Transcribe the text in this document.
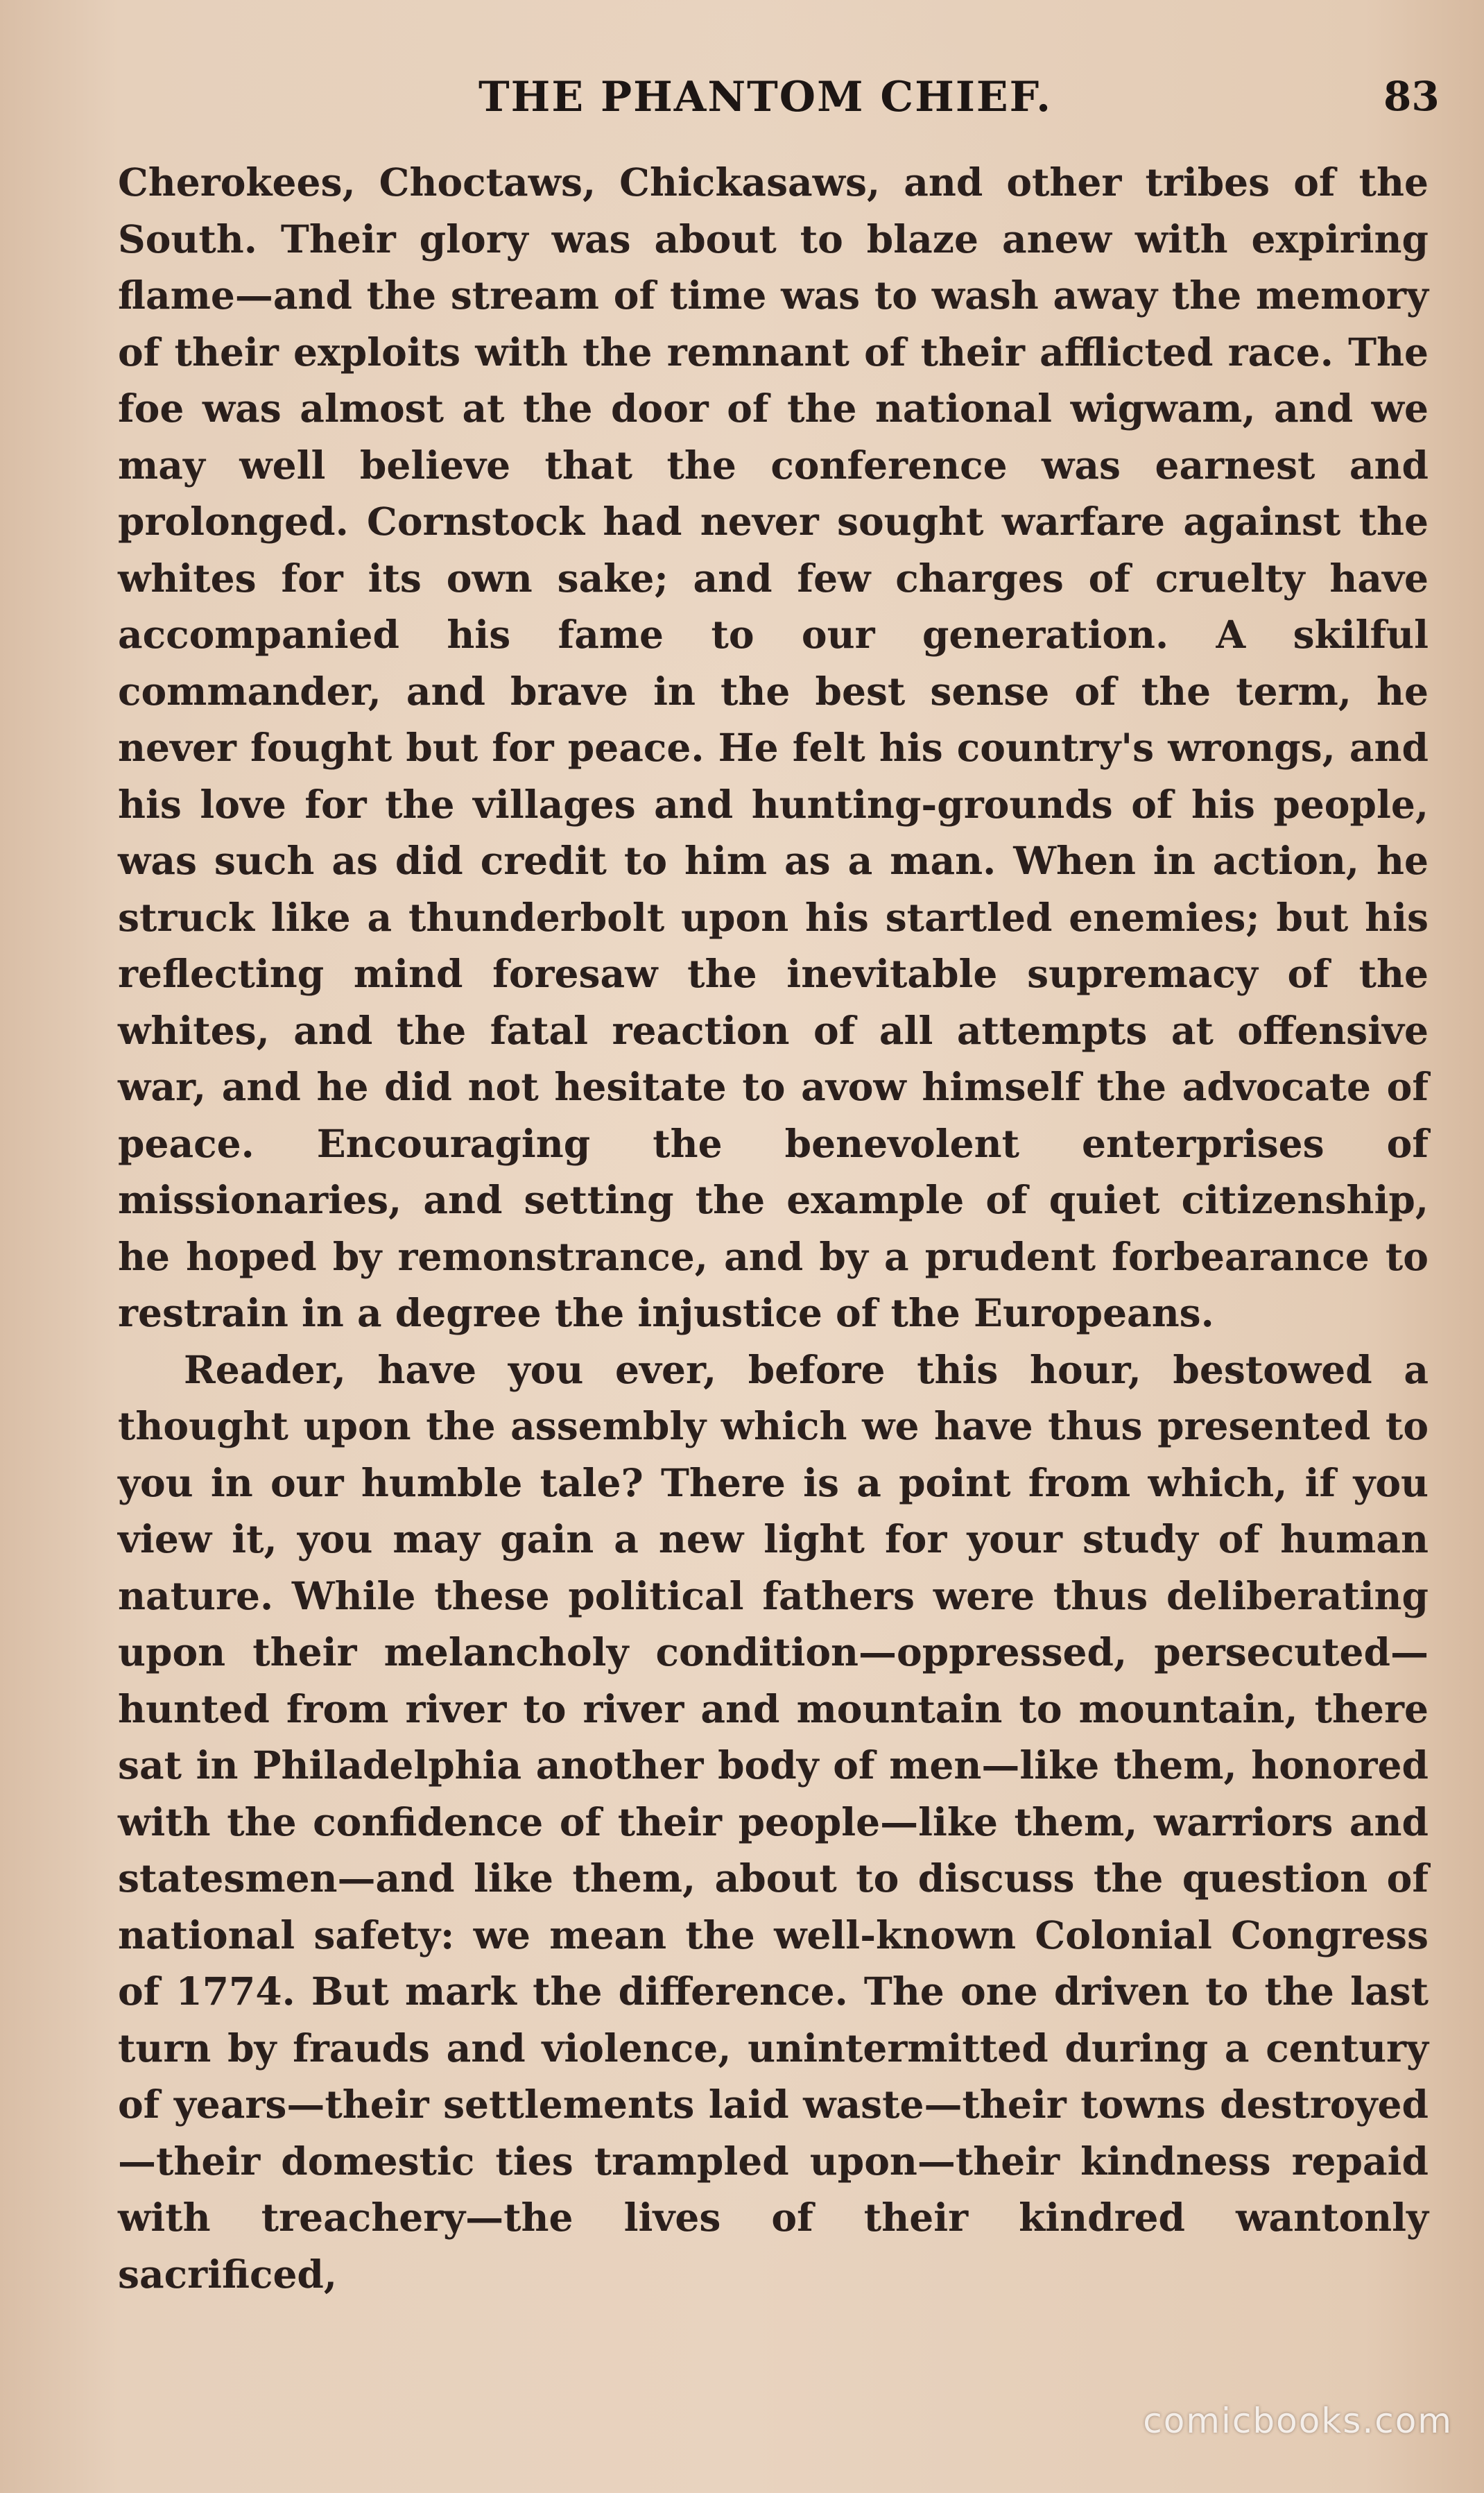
THE PHANTOM CHIEF.	83

Cherokees, Choctaws, Chickasaws, and other tribes of the South. Their glory was about to blaze anew with expiring flame—and the stream of time was to wash away the memory of their exploits with the remnant of their afflicted race. The foe was almost at the door of the national wigwam, and we may well believe that the conference was earnest and prolonged. Cornstock had never sought warfare against the whites for its own sake; and few charges of cruelty have accompanied his fame to our generation. A skilful commander, and brave in the best sense of the term, he never fought but for peace. He felt his country's wrongs, and his love for the villages and hunting-grounds of his people, was such as did credit to him as a man. When in action, he struck like a thunderbolt upon his startled enemies; but his reflecting mind foresaw the inevitable supremacy of the whites, and the fatal reaction of all attempts at offensive war, and he did not hesitate to avow himself the advocate of peace. Encouraging the benevolent enterprises of missionaries, and setting the example of quiet citizenship, he hoped by remonstrance, and by a prudent forbearance to restrain in a degree the injustice of the Europeans.

Reader, have you ever, before this hour, bestowed a thought upon the assembly which we have thus presented to you in our humble tale? There is a point from which, if you view it, you may gain a new light for your study of human nature. While these political fathers were thus deliberating upon their melancholy condition—oppressed, persecuted—hunted from river to river and mountain to mountain, there sat in Philadelphia another body of men—like them, honored with the confidence of their people—like them, warriors and statesmen—and like them, about to discuss the question of national safety: we mean the well-known Colonial Congress of 1774. But mark the difference. The one driven to the last turn by frauds and violence, unintermitted during a century of years—their settlements laid waste—their towns destroyed—their domestic ties trampled upon—their kindness repaid with treachery—the lives of their kindred wantonly sacrificed,

comicbooks.com
